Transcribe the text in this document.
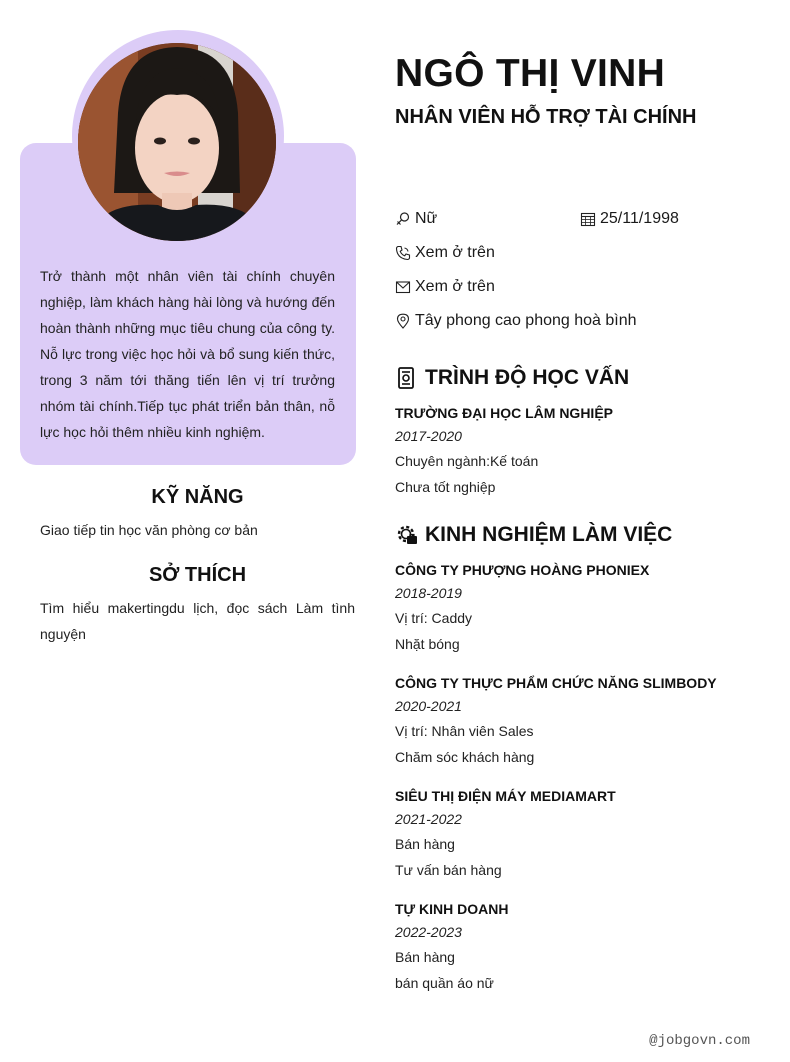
Trở thành một nhân viên tài chính chuyên nghiệp, làm khách hàng hài lòng và hướng đến hoàn thành những mục tiêu chung của công ty. Nỗ lực trong việc học hỏi và bổ sung kiến thức, trong 3 năm tới thăng tiến lên vị trí trưởng nhóm tài chính.Tiếp tục phát triển bản thân, nỗ lực học hỏi thêm nhiều kinh nghiệm.

KỸ NĂNG

Giao tiếp tin học văn phòng cơ bản

SỞ THÍCH

Tìm hiểu makertingdu lịch, đọc sách Làm tình nguyện

NGÔ THỊ VINH
NHÂN VIÊN HỖ TRỢ TÀI CHÍNH
Nữ	25/11/1998
Xem ở trên
Xem ở trên
Tây phong cao phong hoà bình
TRÌNH ĐỘ HỌC VẤN
TRƯỜNG ĐẠI HỌC LÂM NGHIỆP
2017-2020
Chuyên ngành:Kế toán
Chưa tốt nghiệp
KINH NGHIỆM LÀM VIỆC
CÔNG TY PHƯỢNG HOÀNG PHONIEX
2018-2019
Vị trí: Caddy
Nhặt bóng
CÔNG TY THỰC PHẨM CHỨC NĂNG SLIMBODY
2020-2021
Vị trí: Nhân viên Sales
Chăm sóc khách hàng
SIÊU THỊ ĐIỆN MÁY MEDIAMART
2021-2022
Bán hàng
Tư vấn bán hàng
TỰ KINH DOANH
2022-2023
Bán hàng
bán quần áo nữ
@jobgovn.com
